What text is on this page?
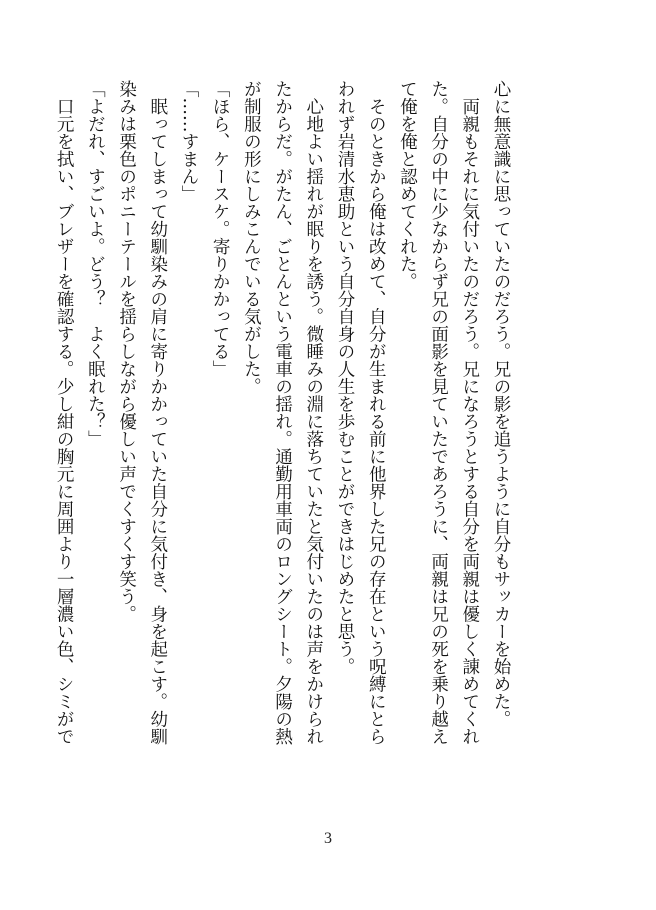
心に無意識に思っていたのだろう。兄の影を追うように自分もサッカーを始めた。
　両親もそれに気付いたのだろう。兄になろうとする自分を両親は優しく諌めてくれ
た。自分の中に少なからず兄の面影を見ていたであろうに、両親は兄の死を乗り越え
て俺を俺と認めてくれた。
　そのときから俺は改めて、自分が生まれる前に他界した兄の存在という呪縛にとら
われず岩清水恵助という自分自身の人生を歩むことができはじめたと思う。
　心地よい揺れが眠りを誘う。微睡みの淵に落ちていたと気付いたのは声をかけられ
たからだ。がたん、ごとんという電車の揺れ。通勤用車両のロングシート。夕陽の熱
が制服の形にしみこんでいる気がした。
「ほら、ケースケ。寄りかかってる」
「……すまん」
　眠ってしまって幼馴染みの肩に寄りかかっていた自分に気付き、身を起こす。幼馴
染みは栗色のポニーテールを揺らしながら優しい声でくすくす笑う。
「よだれ、すごいよ。どう？　よく眠れた？」
　口元を拭い、ブレザーを確認する。少し紺の胸元に周囲より一層濃い色、シミがで
3
